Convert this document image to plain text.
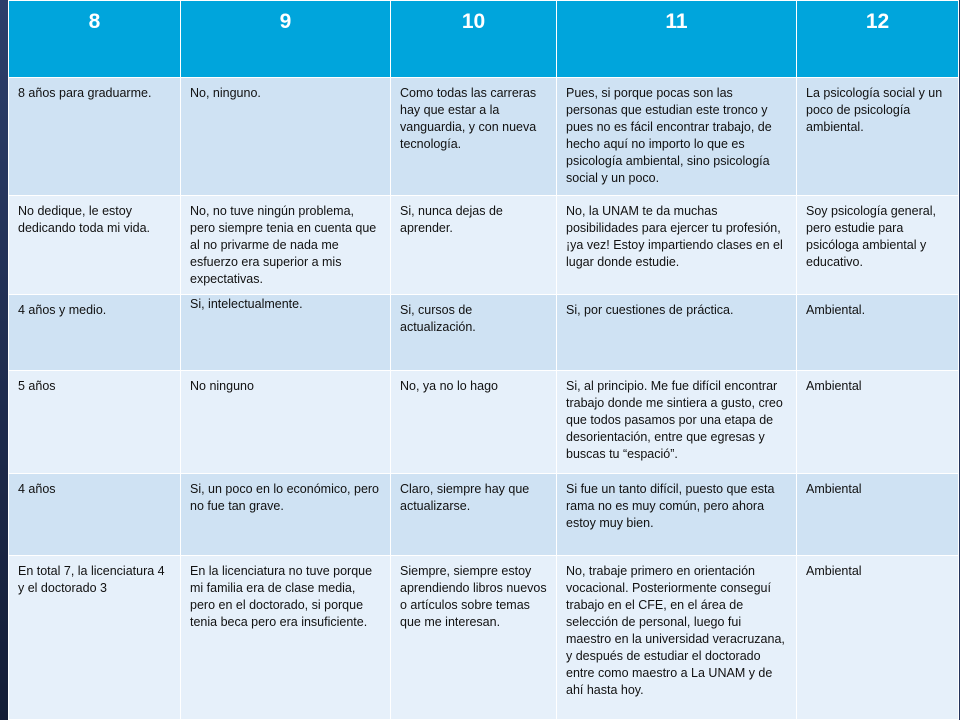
8	9	10	11	12
8 años para graduarme.	No, ninguno.	Como todas las carreras hay que estar a la vanguardia, y con nueva tecnología.	Pues, si porque pocas son las personas que estudian este tronco y pues no es fácil encontrar trabajo, de hecho aquí no importo lo que es psicología ambiental, sino psicología social y un poco.	La psicología social y un poco de psicología ambiental.
No dedique, le estoy dedicando toda mi vida.	No, no tuve ningún problema, pero siempre tenia en cuenta que al no privarme de nada me esfuerzo era superior a mis expectativas.	Si, nunca dejas de aprender.	No, la UNAM te da muchas posibilidades para ejercer tu profesión, ¡ya vez! Estoy impartiendo clases en el lugar donde estudie.	Soy psicología general, pero estudie para psicóloga ambiental y educativo.
4 años y medio.	Si, intelectualmente.	Si, cursos de actualización.	Si, por cuestiones de práctica.	Ambiental.
5 años	No ninguno	No, ya no lo hago	Si, al principio. Me fue difícil encontrar trabajo donde me sintiera a gusto, creo que todos pasamos por una etapa de desorientación, entre que egresas y buscas tu “espació”.	Ambiental
4 años	Si, un poco en lo económico, pero no fue tan grave.	Claro, siempre hay que actualizarse.	Si fue un tanto difícil, puesto que esta rama no es muy común, pero ahora estoy muy bien.	Ambiental
En total 7, la licenciatura 4 y el doctorado 3	En la licenciatura no tuve porque mi familia era de clase media, pero en el doctorado, si porque tenia beca pero era insuficiente.	Siempre, siempre estoy aprendiendo libros nuevos o artículos sobre temas que me interesan.	No, trabaje primero en orientación vocacional. Posteriormente conseguí trabajo en el CFE, en el área de selección de personal, luego fui maestro en la universidad veracruzana, y después de estudiar el doctorado entre como maestro a La UNAM y de ahí hasta hoy.	Ambiental
